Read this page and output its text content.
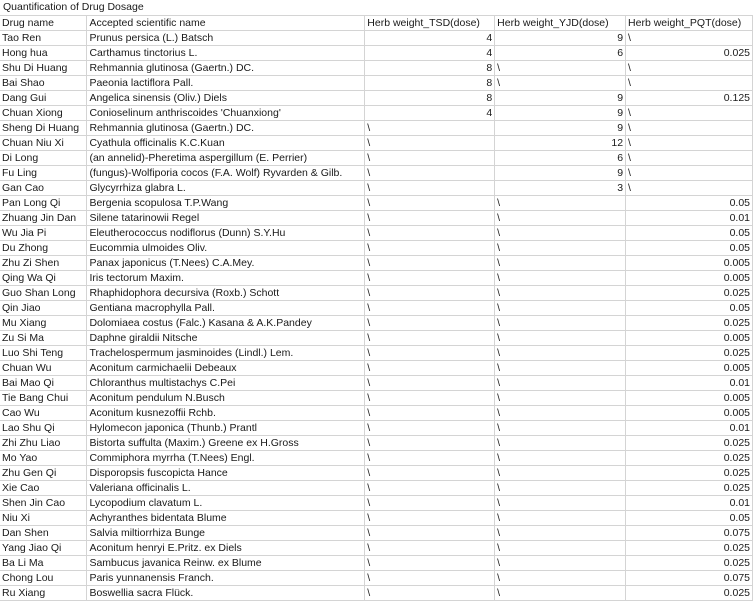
Quantification of Drug Dosage
Drug name	Accepted scientific name	Herb weight_TSD(dose)	Herb weight_YJD(dose)	Herb weight_PQT(dose)
Tao Ren	Prunus persica (L.) Batsch	4	9	\
Hong hua	Carthamus tinctorius L.	4	6	0.025
Shu Di Huang	Rehmannia glutinosa (Gaertn.) DC.	8	\	\
Bai Shao	Paeonia lactiflora Pall.	8	\	\
Dang Gui	Angelica sinensis (Oliv.) Diels	8	9	0.125
Chuan Xiong	Conioselinum anthriscoides 'Chuanxiong'	4	9	\
Sheng Di Huang	Rehmannia glutinosa (Gaertn.) DC.	\	9	\
Chuan Niu Xi	Cyathula officinalis K.C.Kuan	\	12	\
Di Long	(an annelid)-Pheretima aspergillum (E. Perrier)	\	6	\
Fu Ling	(fungus)-Wolfiporia cocos (F.A. Wolf) Ryvarden & Gilb.	\	9	\
Gan Cao	Glycyrrhiza glabra L.	\	3	\
Pan Long Qi	Bergenia scopulosa T.P.Wang	\	\	0.05
Zhuang Jin Dan	Silene tatarinowii Regel	\	\	0.01
Wu Jia Pi	Eleutherococcus nodiflorus (Dunn) S.Y.Hu	\	\	0.05
Du Zhong	Eucommia ulmoides Oliv.	\	\	0.05
Zhu Zi Shen	Panax japonicus (T.Nees) C.A.Mey.	\	\	0.005
Qing Wa Qi	Iris tectorum Maxim.	\	\	0.005
Guo Shan Long	Rhaphidophora decursiva (Roxb.) Schott	\	\	0.025
Qin Jiao	Gentiana macrophylla Pall.	\	\	0.05
Mu Xiang	Dolomiaea costus (Falc.) Kasana & A.K.Pandey	\	\	0.025
Zu Si Ma	Daphne giraldii Nitsche	\	\	0.005
Luo Shi Teng	Trachelospermum jasminoides (Lindl.) Lem.	\	\	0.025
Chuan Wu	Aconitum carmichaelii Debeaux	\	\	0.005
Bai Mao Qi	Chloranthus multistachys C.Pei	\	\	0.01
Tie Bang Chui	Aconitum pendulum N.Busch	\	\	0.005
Cao Wu	Aconitum kusnezoffii Rchb.	\	\	0.005
Lao Shu Qi	Hylomecon japonica (Thunb.) Prantl	\	\	0.01
Zhi Zhu Liao	Bistorta suffulta (Maxim.) Greene ex H.Gross	\	\	0.025
Mo Yao	Commiphora myrrha (T.Nees) Engl.	\	\	0.025
Zhu Gen Qi	Disporopsis fuscopicta Hance	\	\	0.025
Xie Cao	Valeriana officinalis L.	\	\	0.025
Shen Jin Cao	Lycopodium clavatum L.	\	\	0.01
Niu Xi	Achyranthes bidentata Blume	\	\	0.05
Dan Shen	Salvia miltiorrhiza Bunge	\	\	0.075
Yang Jiao Qi	Aconitum henryi E.Pritz. ex Diels	\	\	0.025
Ba Li Ma	Sambucus javanica Reinw. ex Blume	\	\	0.025
Chong Lou	Paris yunnanensis Franch.	\	\	0.075
Ru Xiang	Boswellia sacra Flück.	\	\	0.025
